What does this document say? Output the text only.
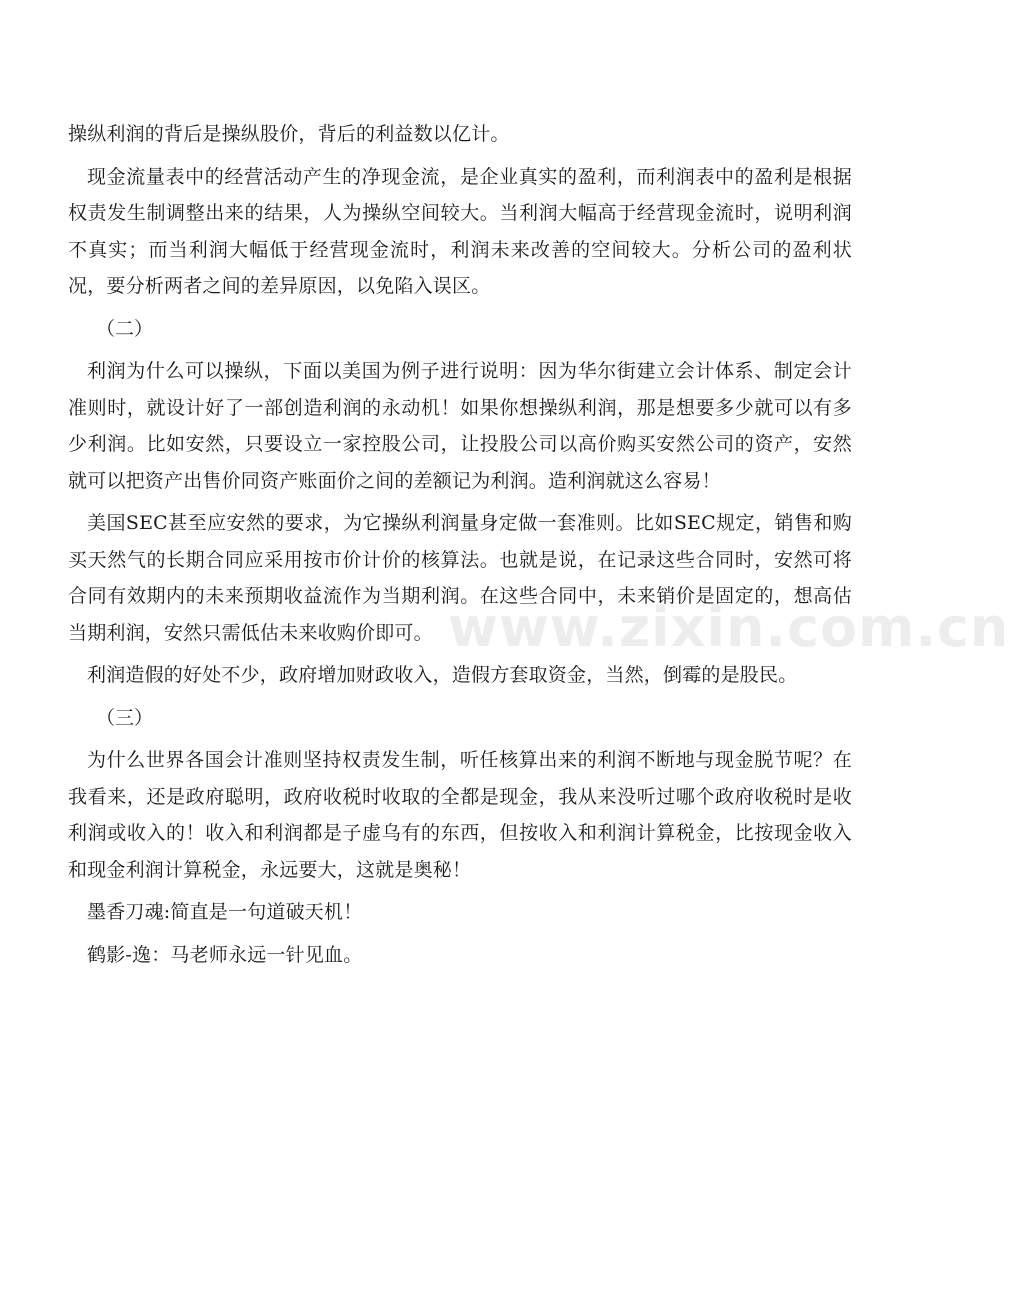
操纵利润的背后是操纵股价，背后的利益数以亿计。

现金流量表中的经营活动产生的净现金流，是企业真实的盈利，而利润表中的盈利是根据权责发生制调整出来的结果，人为操纵空间较大。当利润大幅高于经营现金流时，说明利润不真实；而当利润大幅低于经营现金流时，利润未来改善的空间较大。分析公司的盈利状况，要分析两者之间的差异原因，以免陷入误区。

（二）

利润为什么可以操纵，下面以美国为例子进行说明：因为华尔街建立会计体系、制定会计准则时，就设计好了一部创造利润的永动机！如果你想操纵利润，那是想要多少就可以有多少利润。比如安然，只要设立一家控股公司，让投股公司以高价购买安然公司的资产，安然就可以把资产出售价同资产账面价之间的差额记为利润。造利润就这么容易！

美国SEC甚至应安然的要求，为它操纵利润量身定做一套准则。比如SEC规定，销售和购买天然气的长期合同应采用按市价计价的核算法。也就是说，在记录这些合同时，安然可将合同有效期内的未来预期收益流作为当期利润。在这些合同中，未来销价是固定的，想高估当期利润，安然只需低估未来收购价即可。

利润造假的好处不少，政府增加财政收入，造假方套取资金，当然，倒霉的是股民。

（三）

为什么世界各国会计准则坚持权责发生制，听任核算出来的利润不断地与现金脱节呢？在我看来，还是政府聪明，政府收税时收取的全都是现金，我从来没听过哪个政府收税时是收利润或收入的！收入和利润都是子虚乌有的东西，但按收入和利润计算税金，比按现金收入和现金利润计算税金，永远要大，这就是奥秘！

墨香刀魂:简直是一句道破天机！

鹤影-逸：马老师永远一针见血。

www.zixin.com.cn
